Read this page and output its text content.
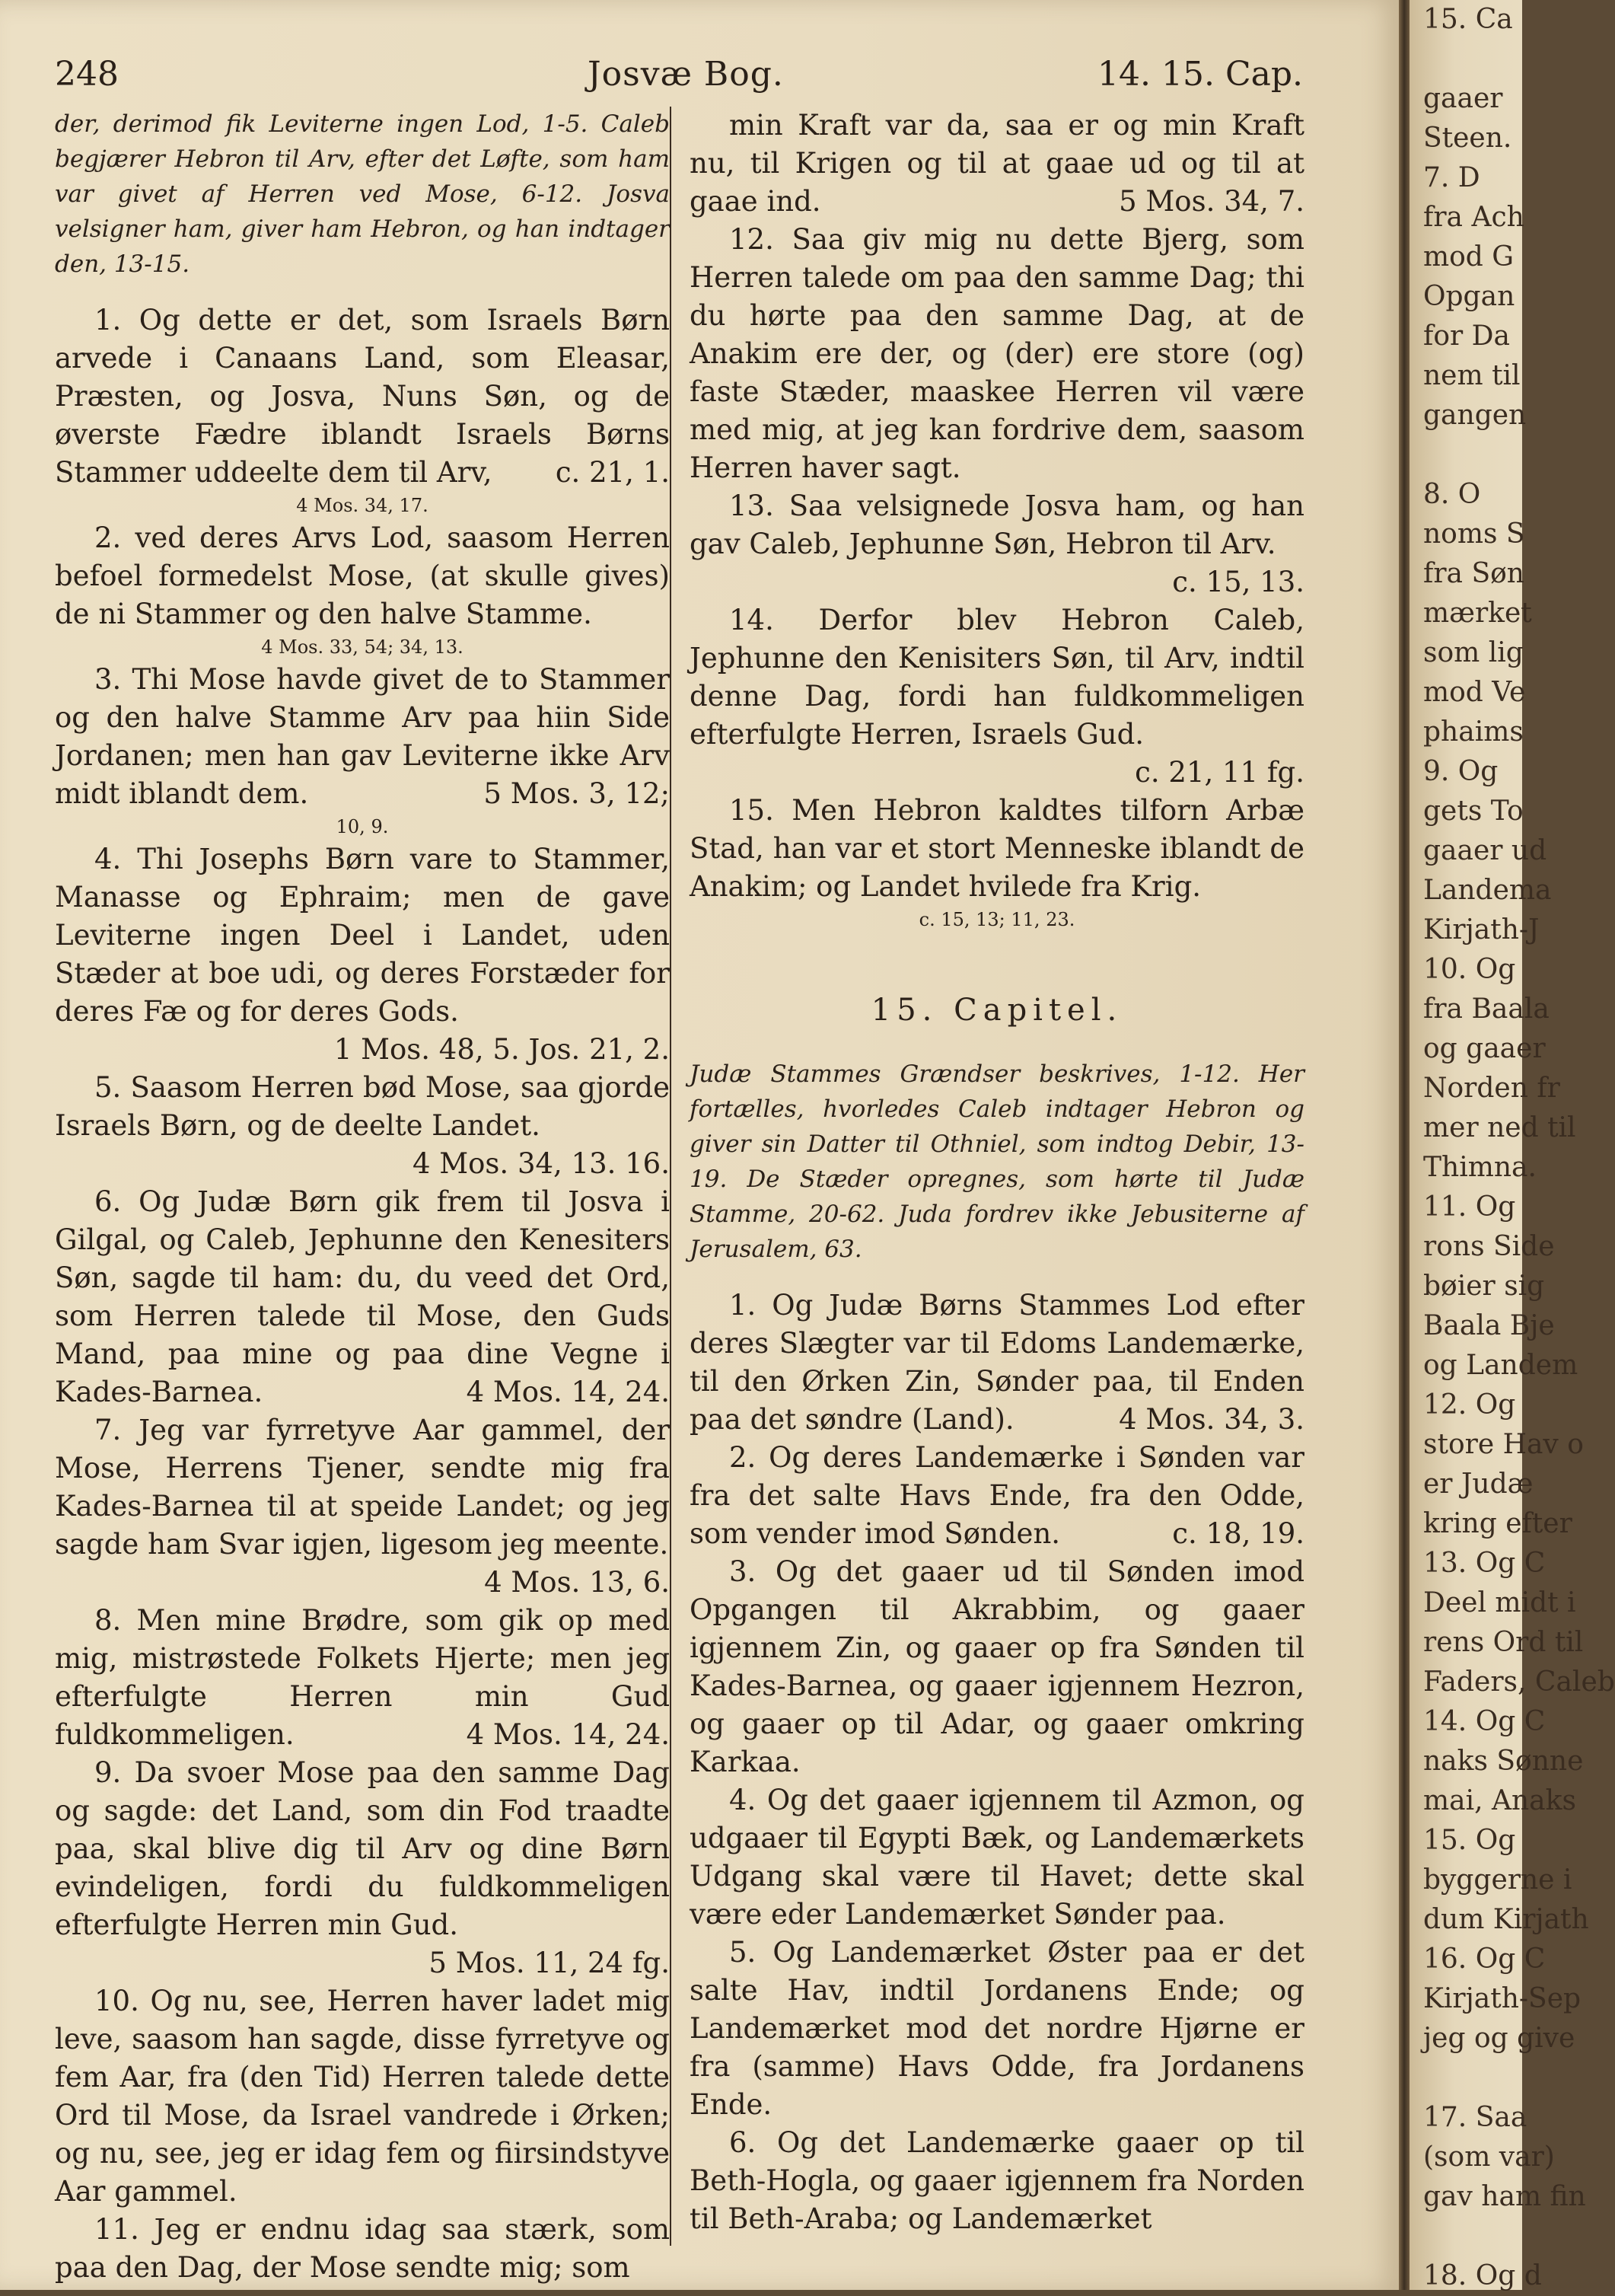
248	Josvæ Bog.	14. 15. Cap.

der, derimod fik Leviterne ingen Lod, 1-5. Caleb begjærer Hebron til Arv, efter det Løfte, som ham var givet af Herren ved Mose, 6-12. Josva velsigner ham, giver ham Hebron, og han indtager den, 13-15.

1. Og dette er det, som Israels Børn arvede i Canaans Land, som Eleasar, Præsten, og Josva, Nuns Søn, og de øverste Fædre iblandt Israels Børns Stammer uddeelte dem til Arv,	c. 21, 1.

4 Mos. 34, 17.

2. ved deres Arvs Lod, saasom Herren befoel formedelst Mose, (at skulle gives) de ni Stammer og den halve Stamme.

4 Mos. 33, 54; 34, 13.

3. Thi Mose havde givet de to Stammer og den halve Stamme Arv paa hiin Side Jordanen; men han gav Leviterne ikke Arv midt iblandt dem.	5 Mos. 3, 12;

10, 9.

4. Thi Josephs Børn vare to Stammer, Manasse og Ephraim; men de gave Leviterne ingen Deel i Landet, uden Stæder at boe udi, og deres Forstæder for deres Fæ og for deres Gods.
1 Mos. 48, 5. Jos. 21, 2.

5. Saasom Herren bød Mose, saa gjorde Israels Børn, og de deelte Landet.
4 Mos. 34, 13. 16.

6. Og Judæ Børn gik frem til Josva i Gilgal, og Caleb, Jephunne den Kenesiters Søn, sagde til ham: du, du veed det Ord, som Herren talede til Mose, den Guds Mand, paa mine og paa dine Vegne i Kades-Barnea.	4 Mos. 14, 24.

7. Jeg var fyrretyve Aar gammel, der Mose, Herrens Tjener, sendte mig fra Kades-Barnea til at speide Landet; og jeg sagde ham Svar igjen, ligesom jeg meente.
4 Mos. 13, 6.

8. Men mine Brødre, som gik op med mig, mistrøstede Folkets Hjerte; men jeg efterfulgte Herren min Gud fuldkommeligen.	4 Mos. 14, 24.

9. Da svoer Mose paa den samme Dag og sagde: det Land, som din Fod traadte paa, skal blive dig til Arv og dine Børn evindeligen, fordi du fuldkommeligen efterfulgte Herren min Gud.
5 Mos. 11, 24 fg.

10. Og nu, see, Herren haver ladet mig leve, saasom han sagde, disse fyrretyve og fem Aar, fra (den Tid) Herren talede dette Ord til Mose, da Israel vandrede i Ørken; og nu, see, jeg er idag fem og fiirsindstyve Aar gammel.

11. Jeg er endnu idag saa stærk, som paa den Dag, der Mose sendte mig; som

min Kraft var da, saa er og min Kraft nu, til Krigen og til at gaae ud og til at gaae ind.	5 Mos. 34, 7.

12. Saa giv mig nu dette Bjerg, som Herren talede om paa den samme Dag; thi du hørte paa den samme Dag, at de Anakim ere der, og (der) ere store (og) faste Stæder, maaskee Herren vil være med mig, at jeg kan fordrive dem, saasom Herren haver sagt.

13. Saa velsignede Josva ham, og han gav Caleb, Jephunne Søn, Hebron til Arv.
c. 15, 13.

14. Derfor blev Hebron Caleb, Jephunne den Kenisiters Søn, til Arv, indtil denne Dag, fordi han fuldkommeligen efterfulgte Herren, Israels Gud.
c. 21, 11 fg.

15. Men Hebron kaldtes tilforn Arbæ Stad, han var et stort Menneske iblandt de Anakim; og Landet hvilede fra Krig.

c. 15, 13; 11, 23.

15. Capitel.

Judæ Stammes Grændser beskrives, 1-12. Her fortælles, hvorledes Caleb indtager Hebron og giver sin Datter til Othniel, som indtog Debir, 13-19. De Stæder opregnes, som hørte til Judæ Stamme, 20-62. Juda fordrev ikke Jebusiterne af Jerusalem, 63.

1. Og Judæ Børns Stammes Lod efter deres Slægter var til Edoms Landemærke, til den Ørken Zin, Sønder paa, til Enden paa det søndre (Land).	4 Mos. 34, 3.

2. Og deres Landemærke i Sønden var fra det salte Havs Ende, fra den Odde, som vender imod Sønden.	c. 18, 19.

3. Og det gaaer ud til Sønden imod Opgangen til Akrabbim, og gaaer igjennem Zin, og gaaer op fra Sønden til Kades-Barnea, og gaaer igjennem Hezron, og gaaer op til Adar, og gaaer omkring Karkaa.

4. Og det gaaer igjennem til Azmon, og udgaaer til Egypti Bæk, og Landemærkets Udgang skal være til Havet; dette skal være eder Landemærket Sønder paa.

5. Og Landemærket Øster paa er det salte Hav, indtil Jordanens Ende; og Landemærket mod det nordre Hjørne er fra (samme) Havs Odde, fra Jordanens Ende.

6. Og det Landemærke gaaer op til Beth-Hogla, og gaaer igjennem fra Norden til Beth-Araba; og Landemærket

15. Ca

gaaer
Steen.
7. D
fra Ach
mod G
Opgan
for Da
nem til
gangen

8. O
noms S
fra Søn
mærket
som lig
mod Ve
phaims
9. Og
gets To
gaaer ud
Landema
Kirjath-J
10. Og
fra Baala
og gaaer
Norden fr
mer ned til
Thimna.
11. Og
rons Side
bøier sig
Baala Bje
og Landem
12. Og
store Hav o
er Judæ
kring efter
13. Og C
Deel midt i
rens Ord til
Faders, Caleb
14. Og C
naks Sønne
mai, Anaks
15. Og
byggerne i
dum Kirjath
16. Og C
Kirjath-Sep
jeg og give

17. Saa
(som var)
gav ham fin

18. Og d
